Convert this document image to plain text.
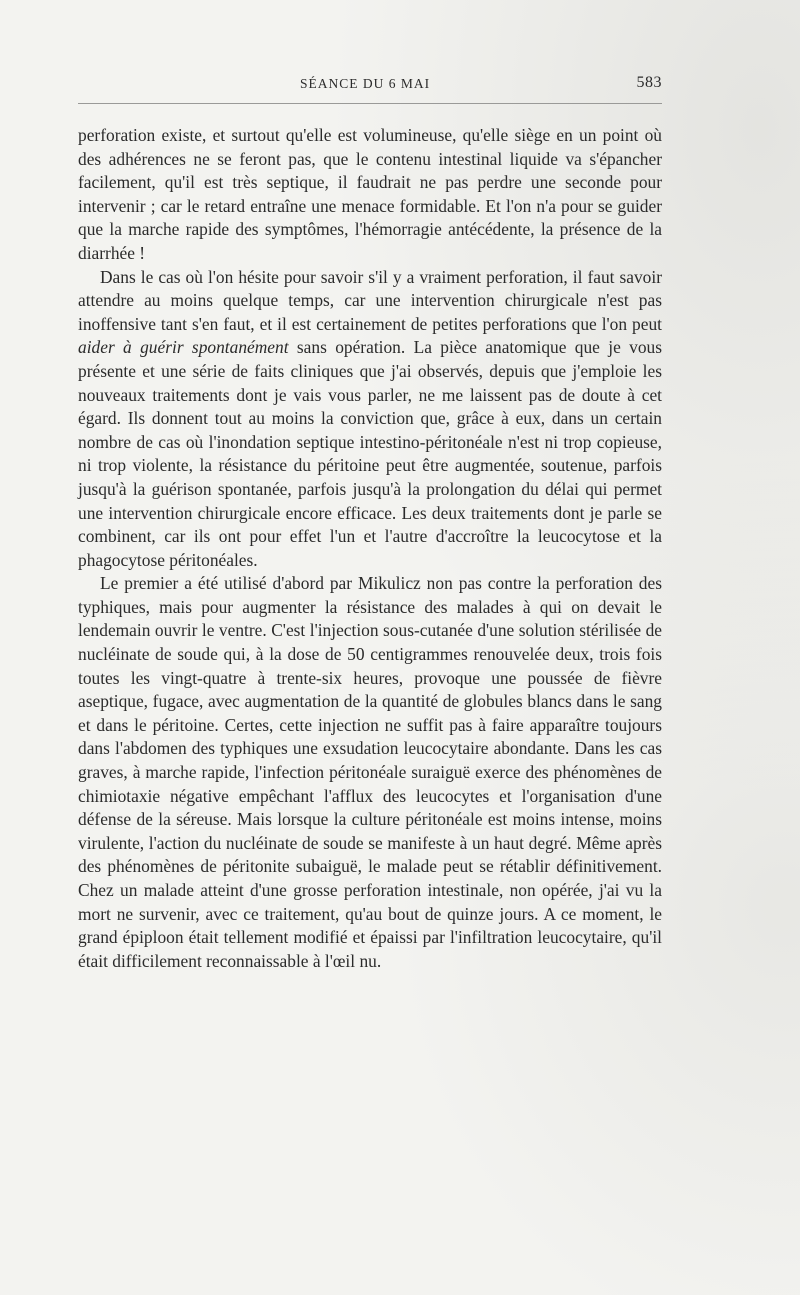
SÉANCE DU 6 MAI	583

perforation existe, et surtout qu'elle est volumineuse, qu'elle siège en un point où des adhérences ne se feront pas, que le contenu intestinal liquide va s'épancher facilement, qu'il est très septique, il faudrait ne pas perdre une seconde pour intervenir ; car le retard entraîne une menace formidable. Et l'on n'a pour se guider que la marche rapide des symptômes, l'hémorragie antécédente, la présence de la diarrhée !

Dans le cas où l'on hésite pour savoir s'il y a vraiment perforation, il faut savoir attendre au moins quelque temps, car une intervention chirurgicale n'est pas inoffensive tant s'en faut, et il est certainement de petites perforations que l'on peut aider à guérir spontanément sans opération. La pièce anatomique que je vous présente et une série de faits cliniques que j'ai observés, depuis que j'emploie les nouveaux traitements dont je vais vous parler, ne me laissent pas de doute à cet égard. Ils donnent tout au moins la conviction que, grâce à eux, dans un certain nombre de cas où l'inondation septique intestino-péritonéale n'est ni trop copieuse, ni trop violente, la résistance du péritoine peut être augmentée, soutenue, parfois jusqu'à la guérison spontanée, parfois jusqu'à la prolongation du délai qui permet une intervention chirurgicale encore efficace. Les deux traitements dont je parle se combinent, car ils ont pour effet l'un et l'autre d'accroître la leucocytose et la phagocytose péritonéales.

Le premier a été utilisé d'abord par Mikulicz non pas contre la perforation des typhiques, mais pour augmenter la résistance des malades à qui on devait le lendemain ouvrir le ventre. C'est l'injection sous-cutanée d'une solution stérilisée de nucléinate de soude qui, à la dose de 50 centigrammes renouvelée deux, trois fois toutes les vingt-quatre à trente-six heures, provoque une poussée de fièvre aseptique, fugace, avec augmentation de la quantité de globules blancs dans le sang et dans le péritoine. Certes, cette injection ne suffit pas à faire apparaître toujours dans l'abdomen des typhiques une exsudation leucocytaire abondante. Dans les cas graves, à marche rapide, l'infection péritonéale suraiguë exerce des phénomènes de chimiotaxie négative empêchant l'afflux des leucocytes et l'organisation d'une défense de la séreuse. Mais lorsque la culture péritonéale est moins intense, moins virulente, l'action du nucléinate de soude se manifeste à un haut degré. Même après des phénomènes de péritonite subaiguë, le malade peut se rétablir définitivement. Chez un malade atteint d'une grosse perforation intestinale, non opérée, j'ai vu la mort ne survenir, avec ce traitement, qu'au bout de quinze jours. A ce moment, le grand épiploon était tellement modifié et épaissi par l'infiltration leucocytaire, qu'il était difficilement reconnaissable à l'œil nu.
